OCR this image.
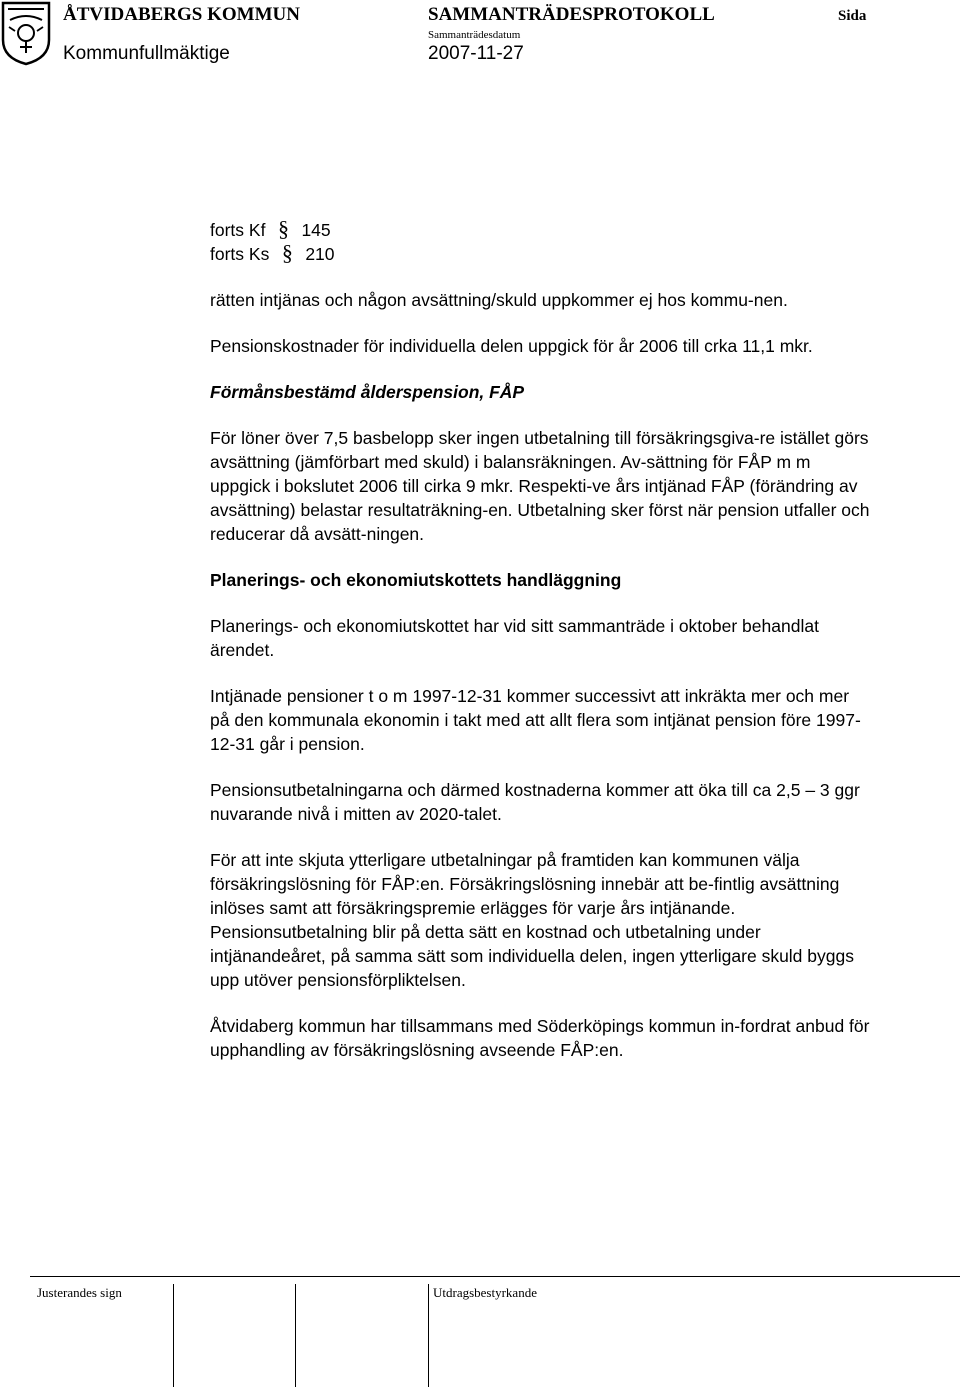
ÅTVIDABERGS KOMMUN	SAMMANTRÄDESPROTOKOLL	Sida
Sammanträdesdatum
Kommunfullmäktige	2007-11-27
forts Kf § 145
forts Ks § 210

rätten intjänas och någon avsättning/skuld uppkommer ej hos kommu-nen.

Pensionskostnader för individuella delen uppgick för år 2006 till crka 11,1 mkr.

Förmånsbestämd ålderspension, FÅP

För löner över 7,5 basbelopp sker ingen utbetalning till försäkringsgiva-re istället görs avsättning (jämförbart med skuld) i balansräkningen. Av-sättning för FÅP m m uppgick i bokslutet 2006 till cirka 9 mkr. Respekti-ve års intjänad FÅP (förändring av avsättning) belastar resultaträkning-en. Utbetalning sker först när pension utfaller och reducerar då avsätt-ningen.

Planerings- och ekonomiutskottets handläggning

Planerings- och ekonomiutskottet har vid sitt sammanträde i oktober behandlat ärendet.

Intjänade pensioner t o m 1997-12-31 kommer successivt att inkräkta mer och mer på den kommunala ekonomin i takt med att allt flera som intjänat pension före 1997-12-31 går i pension.

Pensionsutbetalningarna och därmed kostnaderna kommer att öka till ca 2,5 – 3 ggr nuvarande nivå i mitten av 2020-talet.

För att inte skjuta ytterligare utbetalningar på framtiden kan kommunen välja försäkringslösning för FÅP:en. Försäkringslösning innebär att be-fintlig avsättning inlöses samt att försäkringspremie erlägges för varje års intjänande. Pensionsutbetalning blir på detta sätt en kostnad och utbetalning under intjänandeåret, på samma sätt som individuella delen, ingen ytterligare skuld byggs upp utöver pensionsförpliktelsen.

Åtvidaberg kommun har tillsammans med Söderköpings kommun in-fordrat anbud för upphandling av försäkringslösning avseende FÅP:en.

Justerandes sign	Utdragsbestyrkande
